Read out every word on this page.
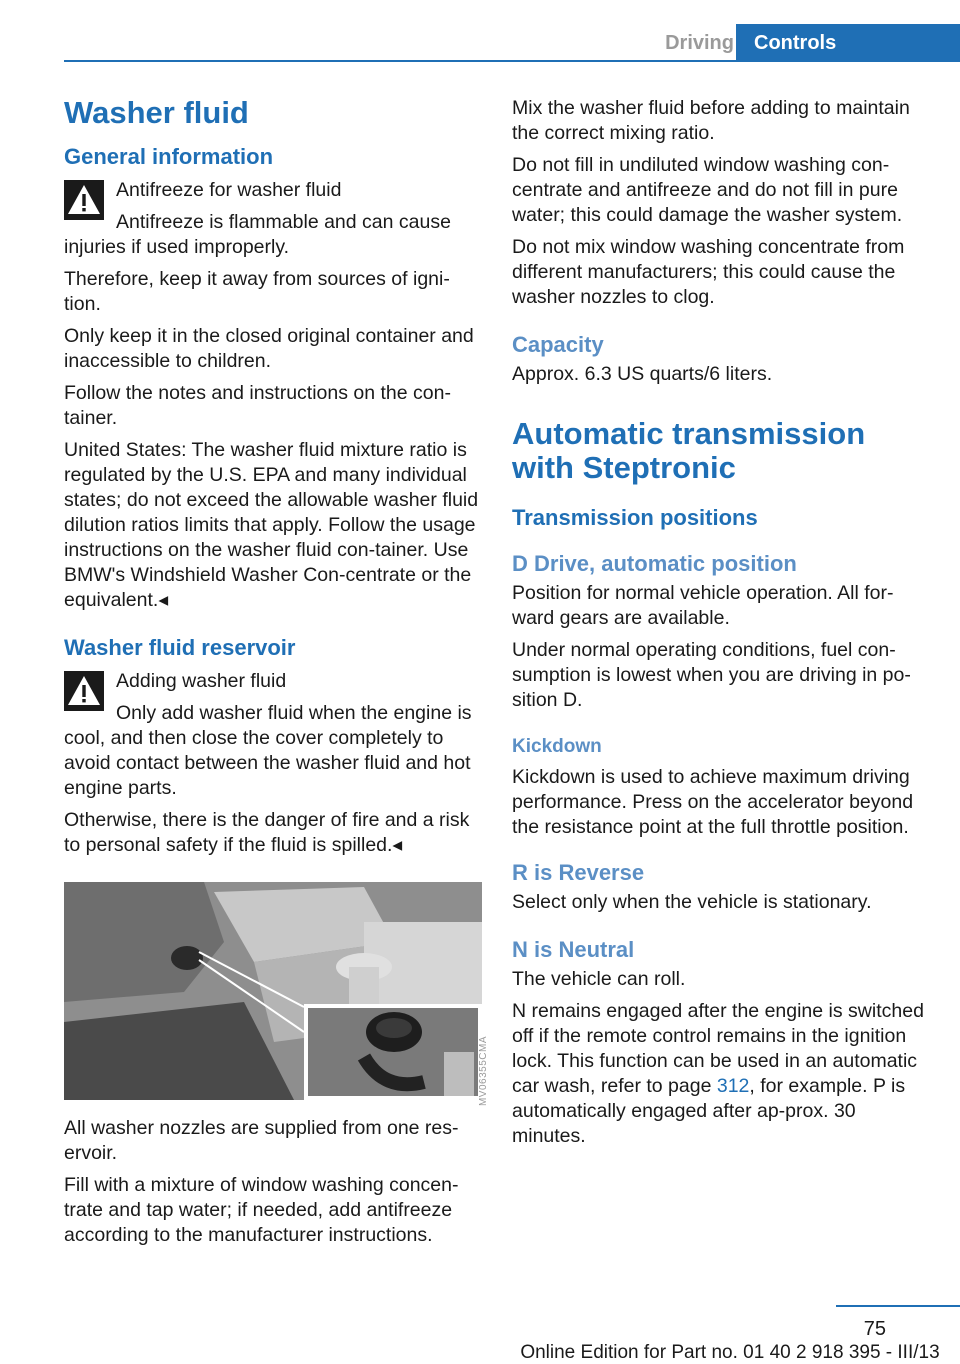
Driving	Controls
Washer fluid
General information

Antifreeze for washer fluid

Antifreeze is flammable and can cause

injuries if used improperly.

Therefore, keep it away from sources of igni-tion.

Only keep it in the closed original container and inaccessible to children.

Follow the notes and instructions on the con-tainer.

United States: The washer fluid mixture ratio is regulated by the U.S. EPA and many individual states; do not exceed the allowable washer fluid dilution ratios limits that apply. Follow the usage instructions on the washer fluid con-tainer. Use BMW's Windshield Washer Con-centrate or the equivalent.◂

Washer fluid reservoir

Adding washer fluid

Only add washer fluid when the engine is

cool, and then close the cover completely to avoid contact between the washer fluid and hot engine parts.

Otherwise, there is the danger of fire and a risk to personal safety if the fluid is spilled.◂

All washer nozzles are supplied from one res-ervoir.

Fill with a mixture of window washing concen-trate and tap water; if needed, add antifreeze according to the manufacturer instructions.

MV06355CMA

Mix the washer fluid before adding to maintain the correct mixing ratio.

Do not fill in undiluted window washing con-centrate and antifreeze and do not fill in pure water; this could damage the washer system.

Do not mix window washing concentrate from different manufacturers; this could cause the washer nozzles to clog.

Capacity

Approx. 6.3 US quarts/6 liters.

Automatic transmission with Steptronic
Transmission positions
D Drive, automatic position

Position for normal vehicle operation. All for-ward gears are available.

Under normal operating conditions, fuel con-sumption is lowest when you are driving in po-sition D.

Kickdown

Kickdown is used to achieve maximum driving performance. Press on the accelerator beyond the resistance point at the full throttle position.

R is Reverse

Select only when the vehicle is stationary.

N is Neutral

The vehicle can roll.

N remains engaged after the engine is switched off if the remote control remains in the ignition lock. This function can be used in an automatic car wash, refer to page 312, for example. P is automatically engaged after ap-prox. 30 minutes.

75
Online Edition for Part no. 01 40 2 918 395 - III/13
